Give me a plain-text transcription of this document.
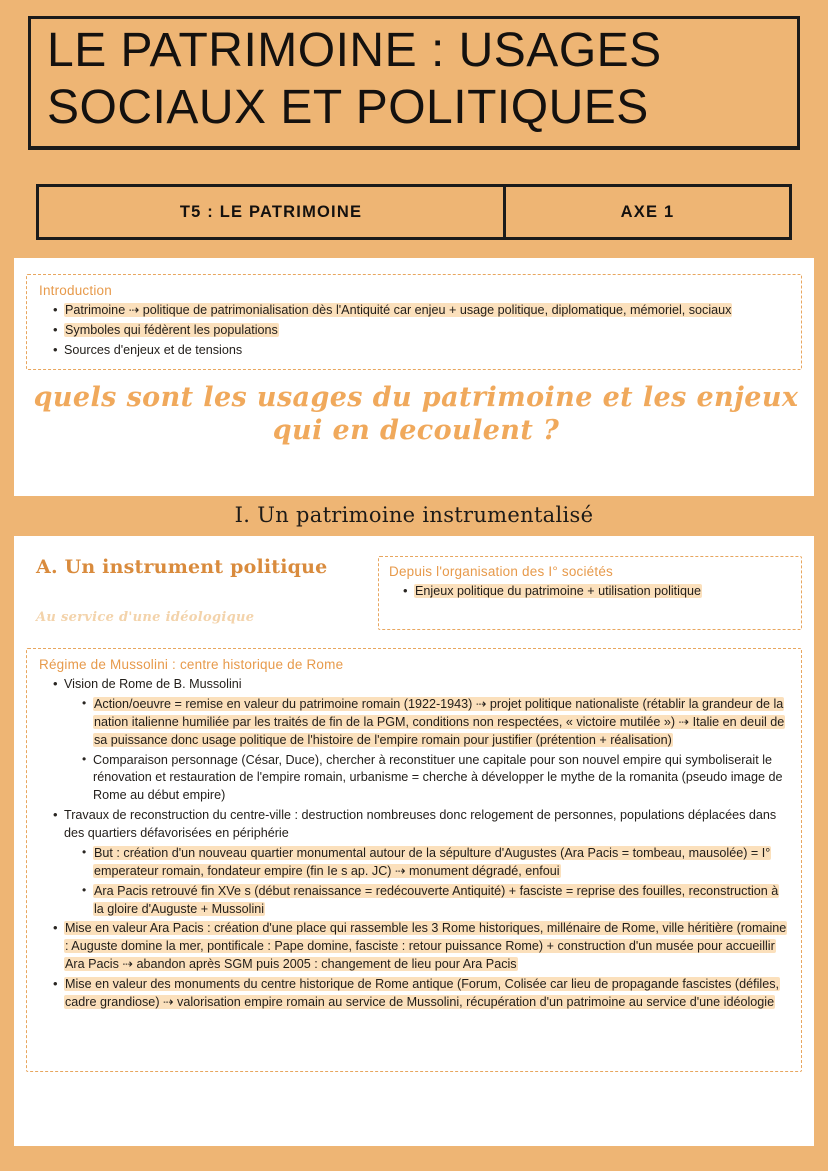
LE PATRIMOINE : USAGES
SOCIAUX ET POLITIQUES
T5 : LE PATRIMOINE	AXE 1
Introduction
• Patrimoine ⇢ politique de patrimonialisation dès l'Antiquité car enjeu + usage politique, diplomatique, mémoriel, sociaux
• Symboles qui fédèrent les populations
• Sources d'enjeux et de tensions
quels sont les usages du patrimoine et les enjeux
qui en decoulent ?
I. Un patrimoine instrumentalisé
A. Un instrument politique
Au service d'une idéologique
Depuis l'organisation des I° sociétés
• Enjeux politique du patrimoine + utilisation politique
Régime de Mussolini : centre historique de Rome
• Vision de Rome de B. Mussolini
• Action/oeuvre = remise en valeur du patrimoine romain (1922-1943) ⇢ projet politique nationaliste (rétablir la grandeur de la nation italienne humiliée par les traités de fin de la PGM, conditions non respectées, « victoire mutilée ») ⇢ Italie en deuil de sa puissance donc usage politique de l'histoire de l'empire romain pour justifier (prétention + réalisation)
• Comparaison personnage (César, Duce), chercher à reconstituer une capitale pour son nouvel empire qui symboliserait le rénovation et restauration de l'empire romain, urbanisme = cherche à développer le mythe de la romanita (pseudo image de Rome au début empire)
• Travaux de reconstruction du centre-ville : destruction nombreuses donc relogement de personnes, populations déplacées dans des quartiers défavorisées en périphérie
• But : création d'un nouveau quartier monumental autour de la sépulture d'Augustes (Ara Pacis = tombeau, mausolée) = I° emperateur romain, fondateur empire (fin Ie s ap. JC) ⇢ monument dégradé, enfoui
• Ara Pacis retrouvé fin XVe s (début renaissance = redécouverte Antiquité) + fasciste = reprise des fouilles, reconstruction à la gloire d'Auguste + Mussolini
• Mise en valeur Ara Pacis : création d'une place qui rassemble les 3 Rome historiques, millénaire de Rome, ville héritière (romaine : Auguste domine la mer, pontificale : Pape domine, fasciste : retour puissance Rome) + construction d'un musée pour accueillir Ara Pacis ⇢ abandon après SGM puis 2005 : changement de lieu pour Ara Pacis
• Mise en valeur des monuments du centre historique de Rome antique (Forum, Colisée car lieu de propagande fascistes (défiles, cadre grandiose) ⇢ valorisation empire romain au service de Mussolini, récupération d'un patrimoine au service d'une idéologie
